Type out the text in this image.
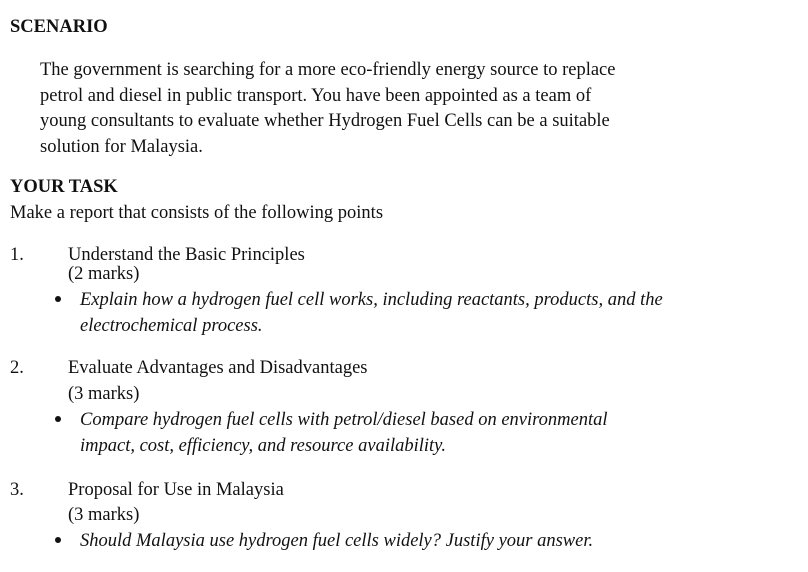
SCENARIO
The government is searching for a more eco-friendly energy source to replace
petrol and diesel in public transport. You have been appointed as a team of
young consultants to evaluate whether Hydrogen Fuel Cells can be a suitable
solution for Malaysia.
YOUR TASK
Make a report that consists of the following points
1. Understand the Basic Principles
(2 marks)
Explain how a hydrogen fuel cell works, including reactants, products, and the
electrochemical process.
2. Evaluate Advantages and Disadvantages
(3 marks)
Compare hydrogen fuel cells with petrol/diesel based on environmental
impact, cost, efficiency, and resource availability.
3. Proposal for Use in Malaysia
(3 marks)
Should Malaysia use hydrogen fuel cells widely? Justify your answer.
